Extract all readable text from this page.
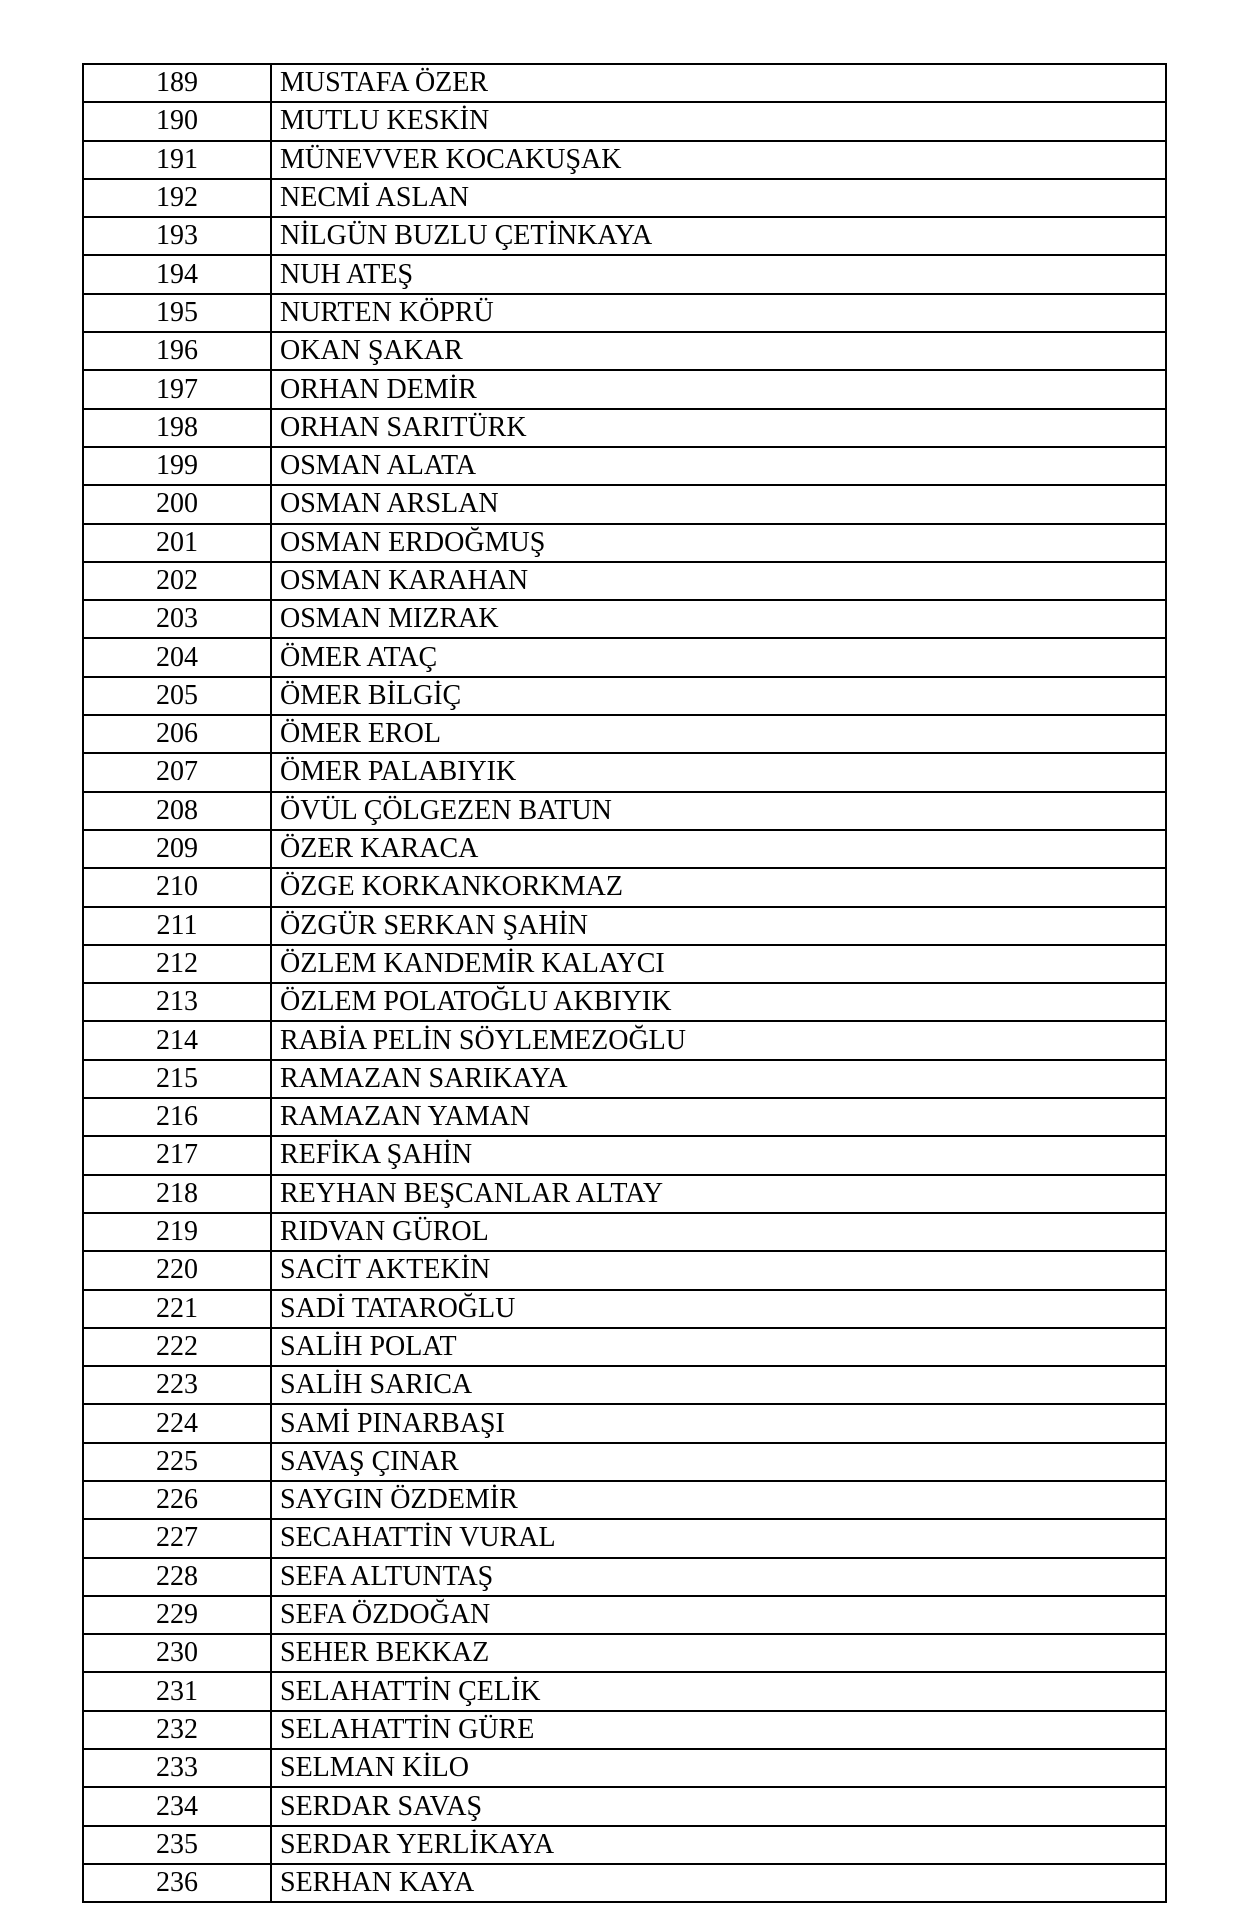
189	MUSTAFA ÖZER
190	MUTLU KESKİN
191	MÜNEVVER KOCAKUŞAK
192	NECMİ ASLAN
193	NİLGÜN BUZLU ÇETİNKAYA
194	NUH ATEŞ
195	NURTEN KÖPRÜ
196	OKAN ŞAKAR
197	ORHAN DEMİR
198	ORHAN SARITÜRK
199	OSMAN ALATA
200	OSMAN ARSLAN
201	OSMAN ERDOĞMUŞ
202	OSMAN KARAHAN
203	OSMAN MIZRAK
204	ÖMER ATAÇ
205	ÖMER BİLGİÇ
206	ÖMER EROL
207	ÖMER PALABIYIK
208	ÖVÜL ÇÖLGEZEN BATUN
209	ÖZER KARACA
210	ÖZGE KORKANKORKMAZ
211	ÖZGÜR SERKAN ŞAHİN
212	ÖZLEM KANDEMİR KALAYCI
213	ÖZLEM POLATOĞLU AKBIYIK
214	RABİA PELİN SÖYLEMEZOĞLU
215	RAMAZAN SARIKAYA
216	RAMAZAN YAMAN
217	REFİKA ŞAHİN
218	REYHAN BEŞCANLAR ALTAY
219	RIDVAN GÜROL
220	SACİT AKTEKİN
221	SADİ TATAROĞLU
222	SALİH POLAT
223	SALİH SARICA
224	SAMİ PINARBAŞI
225	SAVAŞ ÇINAR
226	SAYGIN ÖZDEMİR
227	SECAHATTİN VURAL
228	SEFA ALTUNTAŞ
229	SEFA ÖZDOĞAN
230	SEHER BEKKAZ
231	SELAHATTİN ÇELİK
232	SELAHATTİN GÜRE
233	SELMAN KİLO
234	SERDAR SAVAŞ
235	SERDAR YERLİKAYA
236	SERHAN KAYA
